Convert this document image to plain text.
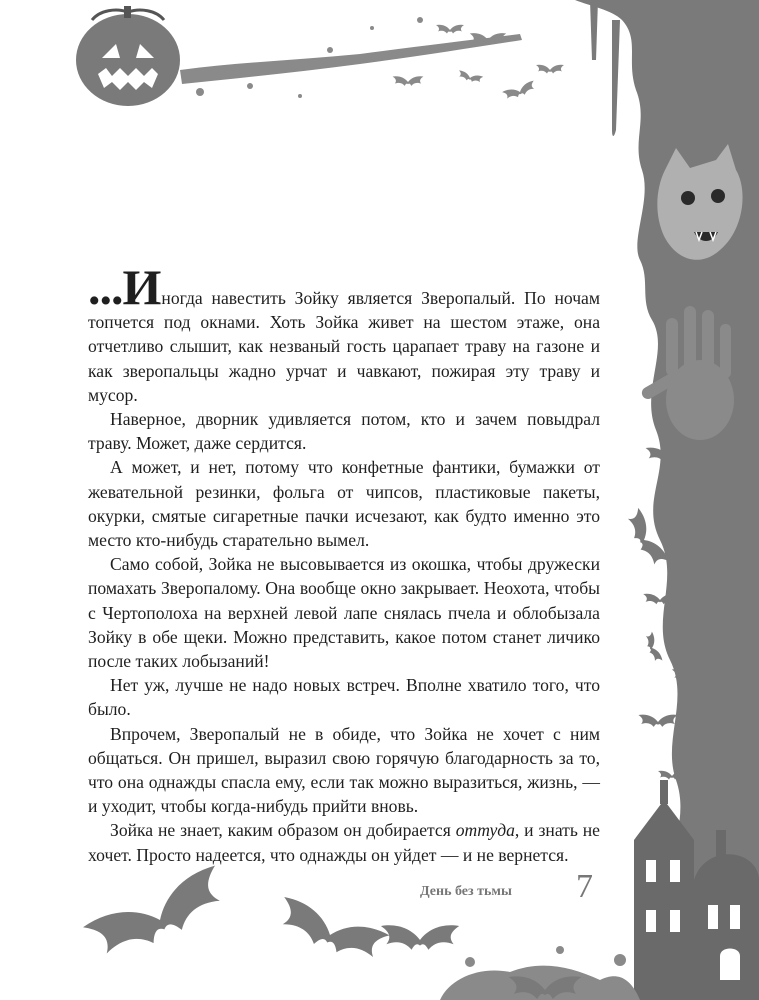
...Иногда навестить Зойку является Зверопалый. По ночам топчется под окнами. Хоть Зойка живет на шестом этаже, она отчетливо слышит, как незваный гость царапает траву на газоне и как зверопальцы жадно урчат и чавкают, пожирая эту траву и мусор.

Наверное, дворник удивляется потом, кто и зачем повыдрал траву. Может, даже сердится.

А может, и нет, потому что конфетные фантики, бумажки от жевательной резинки, фольга от чипсов, пластиковые пакеты, окурки, смятые сигаретные пачки исчезают, как будто именно это место кто-нибудь старательно вымел.

Само собой, Зойка не высовывается из окошка, чтобы дружески помахать Зверопалому. Она вообще окно закрывает. Неохота, чтобы с Чертополоха на верхней левой лапе снялась пчела и облобызала Зойку в обе щеки. Можно представить, какое потом станет личико после таких лобызаний!

Нет уж, лучше не надо новых встреч. Вполне хватило того, что было.

Впрочем, Зверопалый не в обиде, что Зойка не хочет с ним общаться. Он пришел, выразил свою горячую благодарность за то, что она однажды спасла ему, если так можно выразиться, жизнь, — и уходит, чтобы когда-нибудь прийти вновь.

Зойка не знает, каким образом он добирается оттуда, и знать не хочет. Просто надеется, что однажды он уйдет — и не вернется.

День без тьмы 7
